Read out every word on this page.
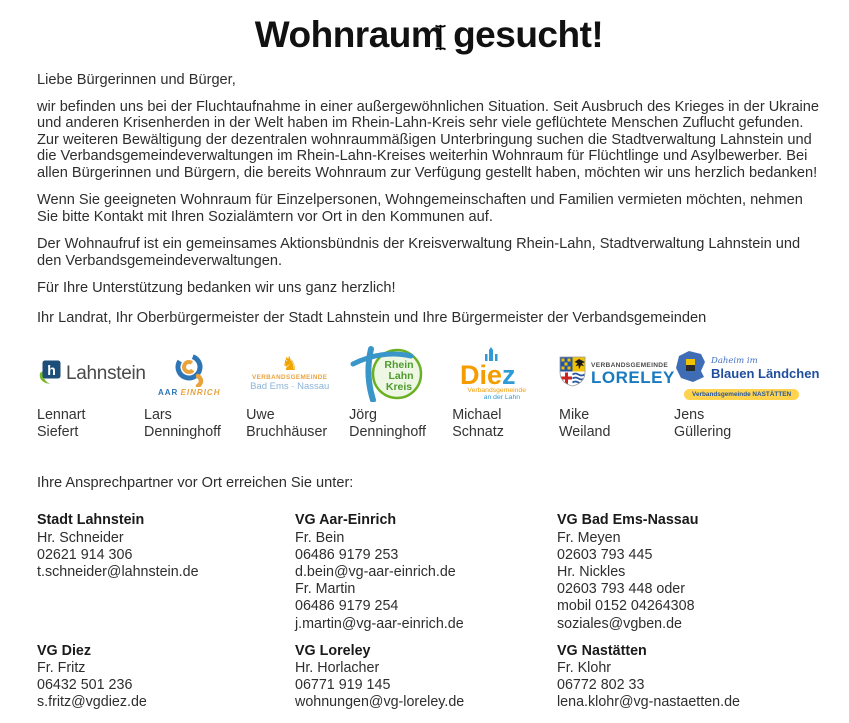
Wohnraum gesucht!

Liebe Bürgerinnen und Bürger,

wir befinden uns bei der Fluchtaufnahme in einer außergewöhnlichen Situation. Seit Ausbruch des Krieges in der Ukraine und anderen Krisenherden in der Welt haben im Rhein-Lahn-Kreis sehr viele geflüchtete Menschen Zuflucht gefunden. Zur weiteren Bewältigung der dezentralen wohnraummäßigen Unterbringung suchen die Stadtverwaltung Lahnstein und die Verbandsgemeindeverwaltungen im Rhein-Lahn-Kreises weiterhin Wohnraum für Flüchtlinge und Asylbewerber. Bei allen Bürgerinnen und Bürgern, die bereits Wohnraum zur Verfügung gestellt haben, möchten wir uns herzlich bedanken!

Wenn Sie geeigneten Wohnraum für Einzelpersonen, Wohngemeinschaften und Familien vermieten möchten, nehmen Sie bitte Kontakt mit Ihren Sozialämtern vor Ort in den Kommunen auf.

Der Wohnaufruf ist ein gemeinsames Aktionsbündnis der Kreisverwaltung Rhein-Lahn, Stadtverwaltung Lahnstein und den Verbandsgemeindeverwaltungen.

Für Ihre Unterstützung bedanken wir uns ganz herzlich!

Ihr Landrat, Ihr Oberbürgermeister der Stadt Lahnstein und Ihre Bürgermeister der Verbandsgemeinden

h Lahnstein
Lennart
Siefert
AAR EINRICH
Lars
Denninghoff
♞
VERBANDSGEMEINDE
Bad Ems · Nassau
Uwe
Bruchhäuser
Rhein
Lahn
Kreis
Jörg
Denninghoff
Diez
Verbandsgemeinde
an der Lahn
Michael
Schnatz
VERBANDSGEMEINDE
LORELEY
Mike
Weiland
Daheim im
Blauen Ländchen
Verbandsgemeinde NASTÄTTEN
Jens
Güllering

Ihre Ansprechpartner vor Ort erreichen Sie unter:

Stadt Lahnstein
Hr. Schneider
02621 914 306
t.schneider@lahnstein.de
VG Aar-Einrich
Fr. Bein
06486 9179 253
d.bein@vg-aar-einrich.de
Fr. Martin
06486 9179 254
j.martin@vg-aar-einrich.de
VG Bad Ems-Nassau
Fr. Meyen
02603 793 445
Hr. Nickles
02603 793 448 oder
mobil 0152 04264308
soziales@vgben.de
VG Diez
Fr. Fritz
06432 501 236
s.fritz@vgdiez.de
VG Loreley
Hr. Horlacher
06771 919 145
wohnungen@vg-loreley.de
VG Nastätten
Fr. Klohr
06772 802 33
lena.klohr@vg-nastaetten.de
